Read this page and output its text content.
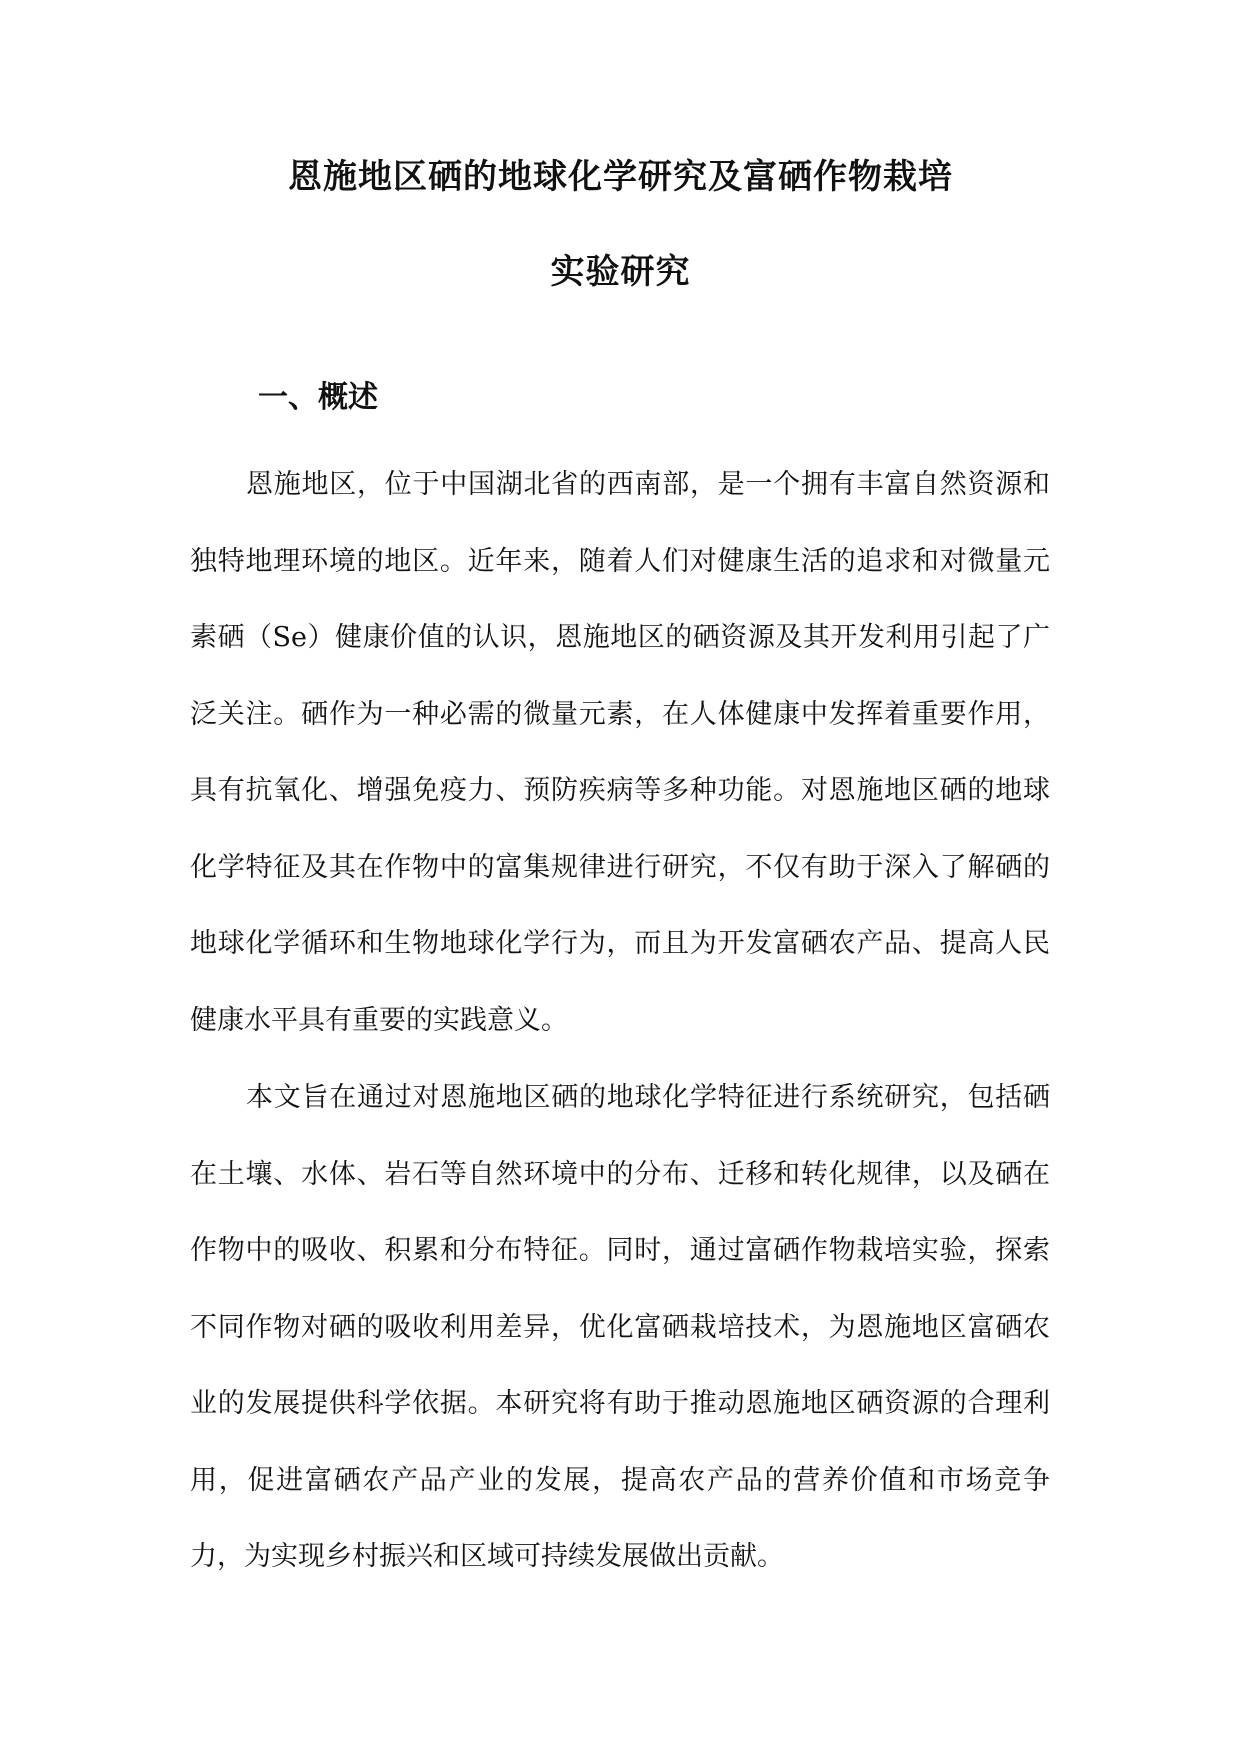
恩施地区硒的地球化学研究及富硒作物栽培
实验研究
一、概述

恩施地区，位于中国湖北省的西南部，是一个拥有丰富自然资源和独特地理环境的地区。近年来，随着人们对健康生活的追求和对微量元素硒（Se）健康价值的认识，恩施地区的硒资源及其开发利用引起了广泛关注。硒作为一种必需的微量元素，在人体健康中发挥着重要作用，具有抗氧化、增强免疫力、预防疾病等多种功能。对恩施地区硒的地球化学特征及其在作物中的富集规律进行研究，不仅有助于深入了解硒的地球化学循环和生物地球化学行为，而且为开发富硒农产品、提高人民健康水平具有重要的实践意义。

本文旨在通过对恩施地区硒的地球化学特征进行系统研究，包括硒在土壤、水体、岩石等自然环境中的分布、迁移和转化规律，以及硒在作物中的吸收、积累和分布特征。同时，通过富硒作物栽培实验，探索不同作物对硒的吸收利用差异，优化富硒栽培技术，为恩施地区富硒农业的发展提供科学依据。本研究将有助于推动恩施地区硒资源的合理利用，促进富硒农产品产业的发展，提高农产品的营养价值和市场竞争力，为实现乡村振兴和区域可持续发展做出贡献。
